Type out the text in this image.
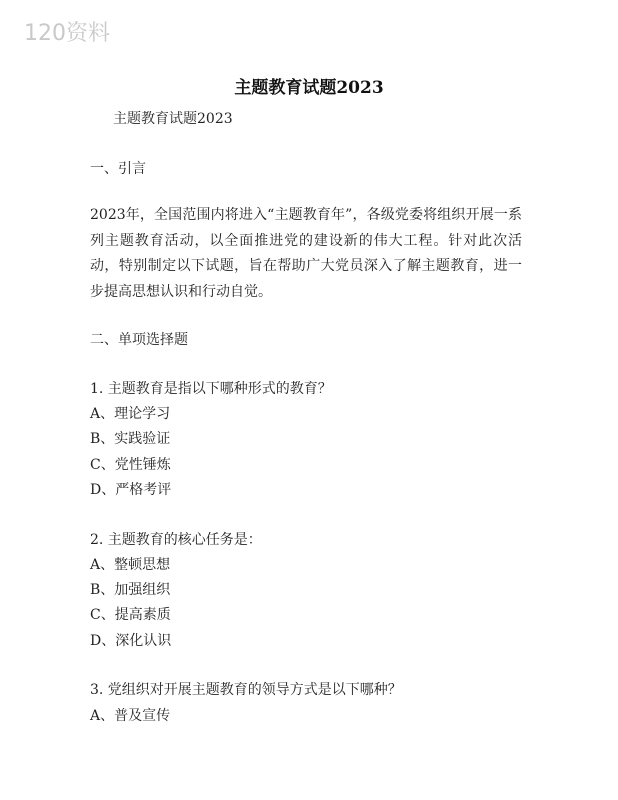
120资料
主题教育试题2023
主题教育试题2023
一、引言
2023年，全国范围内将进入“主题教育年”，各级党委将组织开展一系列主题教育活动，以全面推进党的建设新的伟大工程。针对此次活动，特别制定以下试题，旨在帮助广大党员深入了解主题教育，进一步提高思想认识和行动自觉。
二、单项选择题
1. 主题教育是指以下哪种形式的教育？
A、理论学习
B、实践验证
C、党性锤炼
D、严格考评
2. 主题教育的核心任务是：
A、整顿思想
B、加强组织
C、提高素质
D、深化认识
3. 党组织对开展主题教育的领导方式是以下哪种？
A、普及宣传
